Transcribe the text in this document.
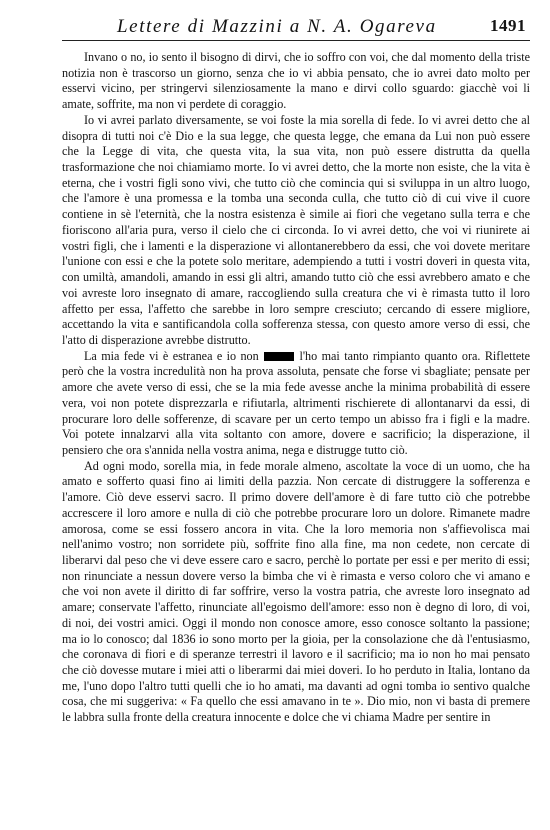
Lettere di Mazzini a N. A. Ogareva	1491

Invano o no, io sento il bisogno di dirvi, che io soffro con voi, che dal momento della triste notizia non è trascorso un giorno, senza che io vi abbia pensato, che io avrei dato molto per esservi vicino, per stringervi silenziosamente la mano e dirvi collo sguardo: giacchè voi li amate, soffrite, ma non vi perdete di coraggio.

Io vi avrei parlato diversamente, se voi foste la mia sorella di fede. Io vi avrei detto che al disopra di tutti noi c'è Dio e la sua legge, che questa legge, che emana da Lui non può essere che la Legge di vita, che questa vita, la sua vita, non può essere distrutta da quella trasformazione che noi chiamiamo morte. Io vi avrei detto, che la morte non esiste, che la vita è eterna, che i vostri figli sono vivi, che tutto ciò che comincia qui si sviluppa in un altro luogo, che l'amore è una promessa e la tomba una seconda culla, che tutto ciò di cui vive il cuore contiene in sè l'eternità, che la nostra esistenza è simile ai fiori che vegetano sulla terra e che fioriscono all'aria pura, verso il cielo che ci circonda. Io vi avrei detto, che voi vi riunirete ai vostri figli, che i lamenti e la disperazione vi allontanerebbero da essi, che voi dovete meritare l'unione con essi e che la potete solo meritare, adempiendo a tutti i vostri doveri in questa vita, con umiltà, amandoli, amando in essi gli altri, amando tutto ciò che essi avrebbero amato e che voi avreste loro insegnato di amare, raccogliendo sulla creatura che vi è rimasta tutto il loro affetto per essa, l'affetto che sarebbe in loro sempre cresciuto; cercando di essere migliore, accettando la vita e santificandola colla sofferenza stessa, con questo amore verso di essi, che l'atto di disperazione avrebbe distrutto.

La mia fede vi è estranea e io non	l'ho mai tanto rimpianto quanto ora. Riflettete però che la vostra incredulità non ha prova assoluta, pensate che forse vi sbagliate; pensate per amore che avete verso di essi, che se la mia fede avesse anche la minima probabilità di essere vera, voi non potete disprezzarla e rifiutarla, altrimenti rischierete di allontanarvi da essi, di procurare loro delle sofferenze, di scavare per un certo tempo un abisso fra i figli e la madre. Voi potete innalzarvi alla vita soltanto con amore, dovere e sacrificio; la disperazione, il pensiero che ora s'annida nella vostra anima, nega e distrugge tutto ciò.

Ad ogni modo, sorella mia, in fede morale almeno, ascoltate la voce di un uomo, che ha amato e sofferto quasi fino ai limiti della pazzia. Non cercate di distruggere la sofferenza e l'amore. Ciò deve esservi sacro. Il primo dovere dell'amore è di fare tutto ciò che potrebbe accrescere il loro amore e nulla di ciò che potrebbe procurare loro un dolore. Rimanete madre amorosa, come se essi fossero ancora in vita. Che la loro memoria non s'affievolisca mai nell'animo vostro; non sorridete più, soffrite fino alla fine, ma non cedete, non cercate di liberarvi dal peso che vi deve essere caro e sacro, perchè lo portate per essi e per merito di essi; non rinunciate a nessun dovere verso la bimba che vi è rimasta e verso coloro che vi amano e che voi non avete il diritto di far soffrire, verso la vostra patria, che avreste loro insegnato ad amare; conservate l'affetto, rinunciate all'egoismo dell'amore: esso non è degno di loro, di voi, di noi, dei vostri amici. Oggi il mondo non conosce amore, esso conosce soltanto la passione; ma io lo conosco; dal 1836 io sono morto per la gioia, per la consolazione che dà l'entusiasmo, che coronava di fiori e di speranze terrestri il lavoro e il sacrificio; ma io non ho mai pensato che ciò dovesse mutare i miei atti o liberarmi dai miei doveri. Io ho perduto in Italia, lontano da me, l'uno dopo l'altro tutti quelli che io ho amati, ma davanti ad ogni tomba io sentivo qualche cosa, che mi suggeriva: « Fa quello che essi amavano in te ». Dio mio, non vi basta di premere le labbra sulla fronte della creatura innocente e dolce che vi chiama Madre per sentire in
